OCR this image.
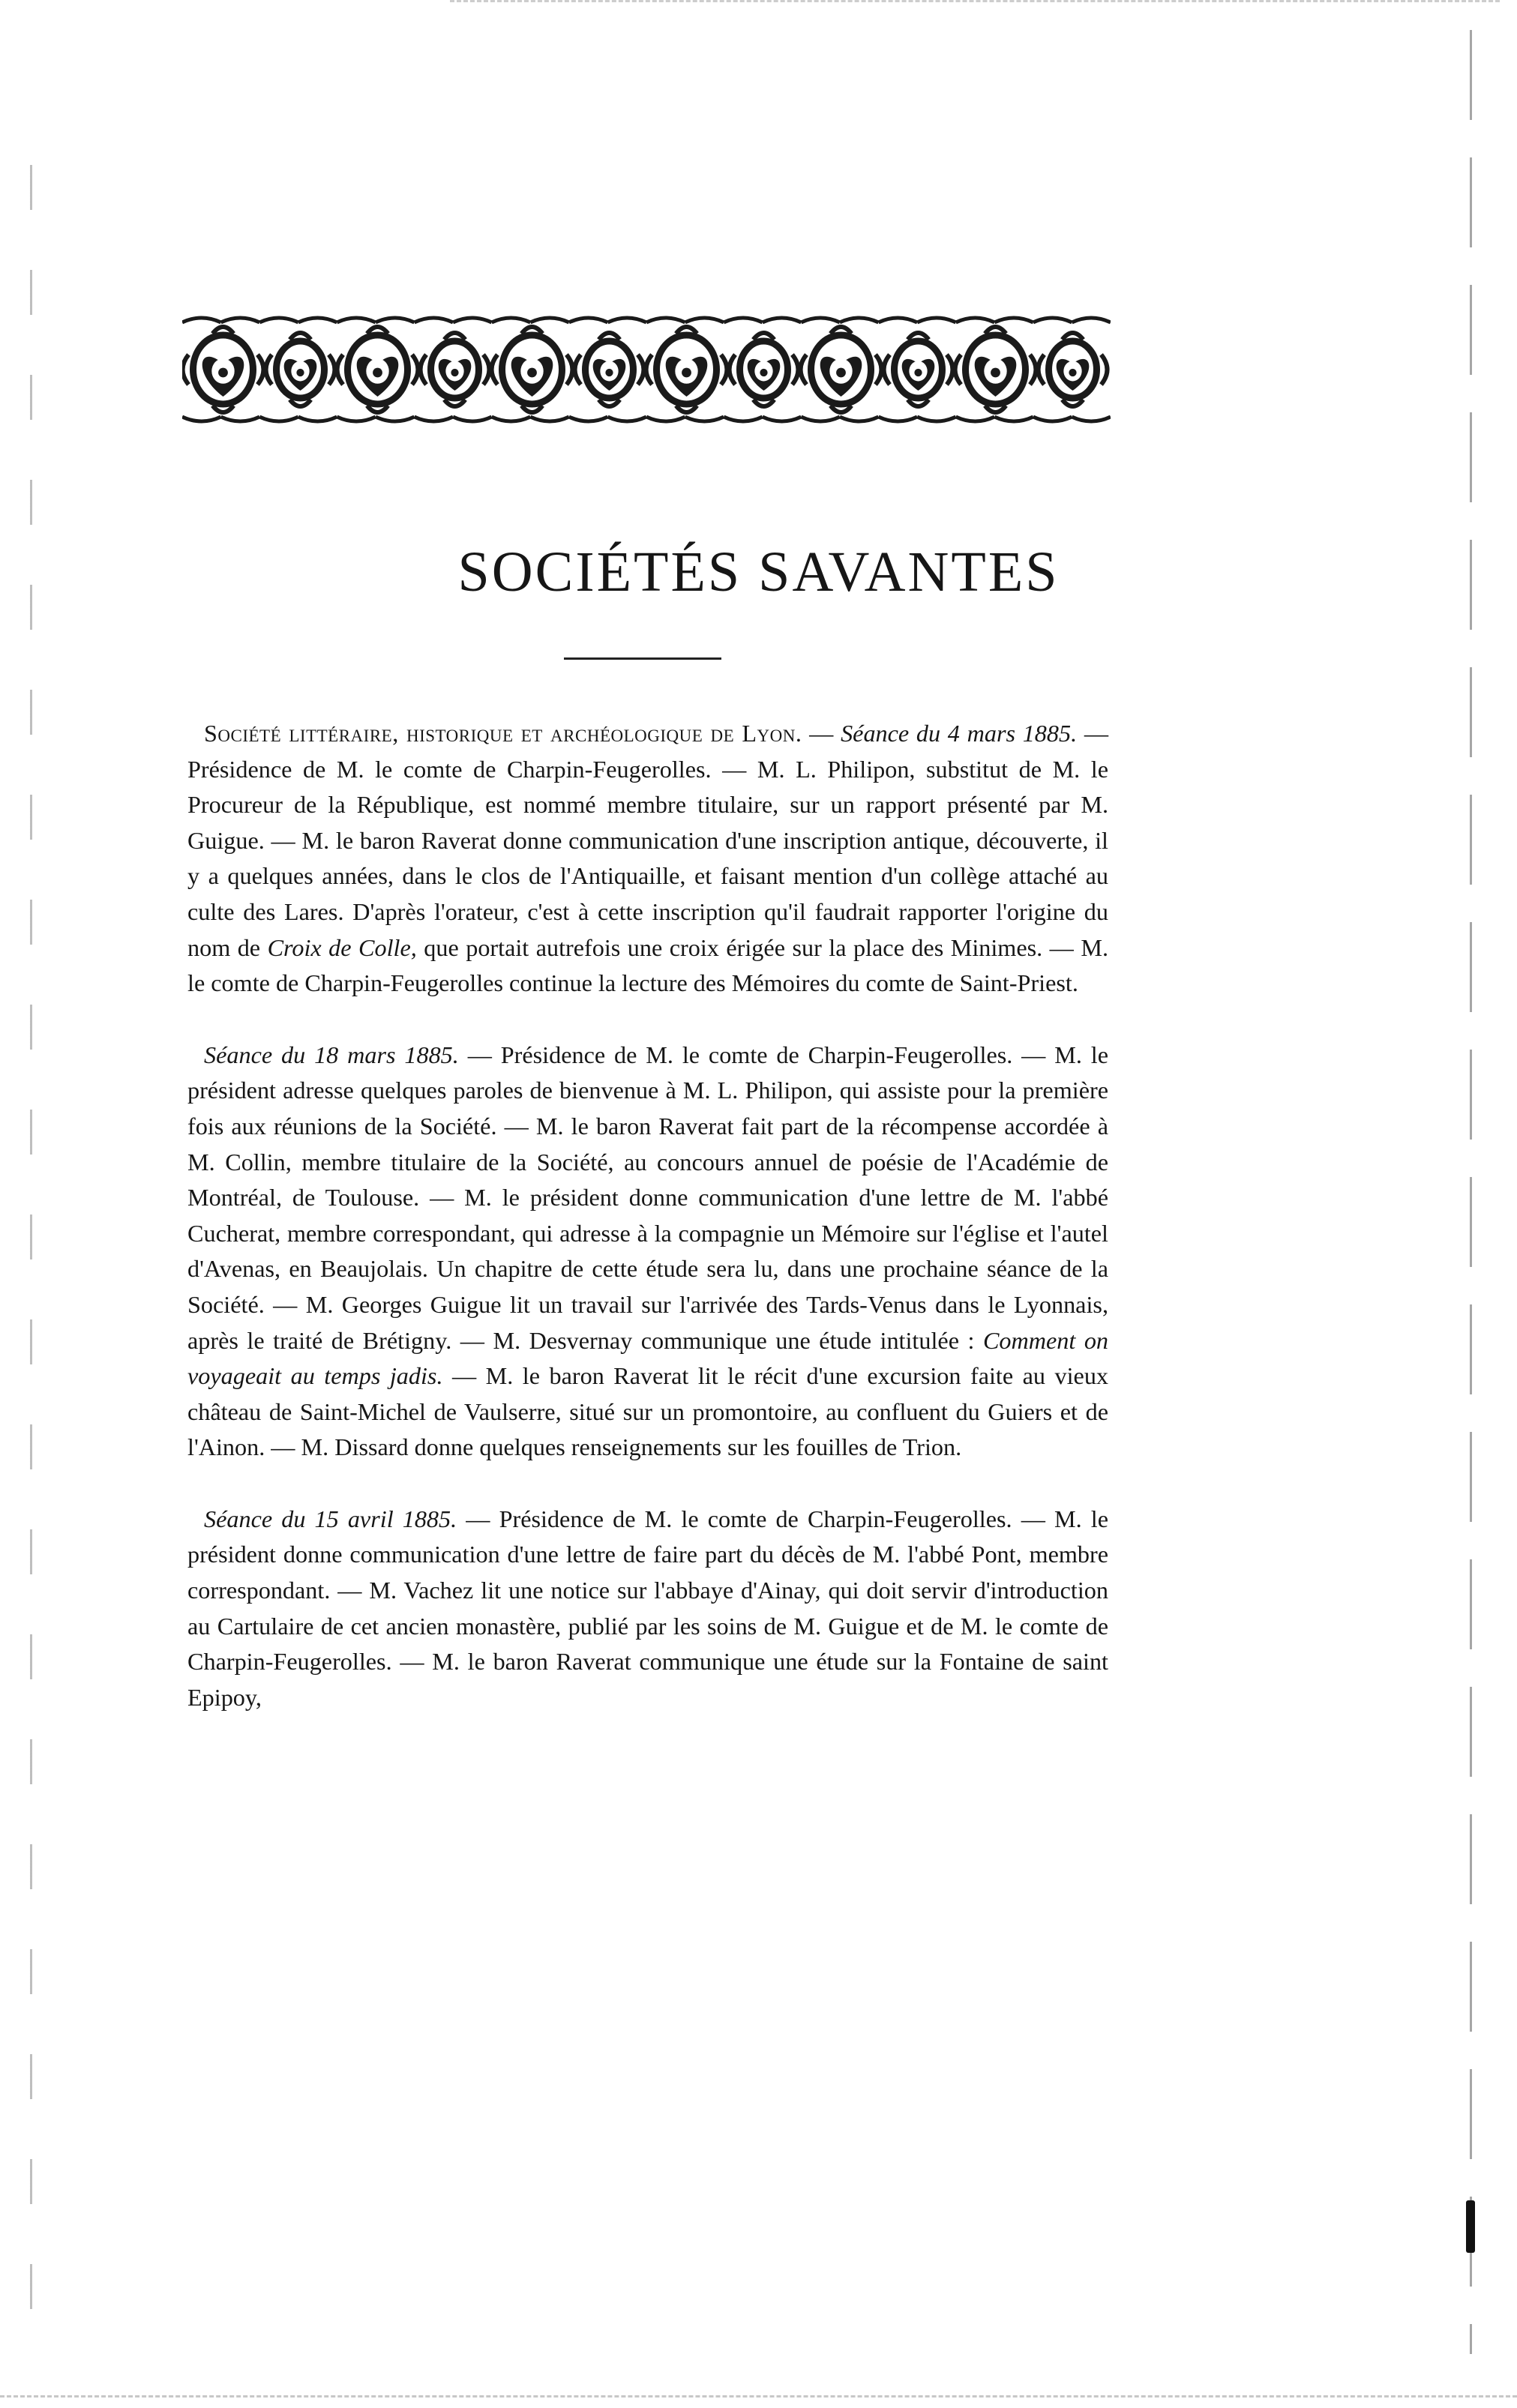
SOCIÉTÉS SAVANTES

Société littéraire, historique et archéologique de Lyon. — Séance du 4 mars 1885. — Présidence de M. le comte de Charpin-Feugerolles. — M. L. Philipon, substitut de M. le Procureur de la République, est nommé membre titulaire, sur un rapport présenté par M. Guigue. — M. le baron Raverat donne communication d'une inscription antique, découverte, il y a quelques années, dans le clos de l'Antiquaille, et faisant mention d'un collège attaché au culte des Lares. D'après l'orateur, c'est à cette inscription qu'il faudrait rapporter l'origine du nom de Croix de Colle, que portait autrefois une croix érigée sur la place des Minimes. — M. le comte de Charpin-Feugerolles continue la lecture des Mémoires du comte de Saint-Priest.

Séance du 18 mars 1885. — Présidence de M. le comte de Charpin-Feugerolles. — M. le président adresse quelques paroles de bienvenue à M. L. Philipon, qui assiste pour la première fois aux réunions de la Société. — M. le baron Raverat fait part de la récompense accordée à M. Collin, membre titulaire de la Société, au concours annuel de poésie de l'Académie de Montréal, de Toulouse. — M. le président donne communication d'une lettre de M. l'abbé Cucherat, membre correspondant, qui adresse à la compagnie un Mémoire sur l'église et l'autel d'Avenas, en Beaujolais. Un chapitre de cette étude sera lu, dans une prochaine séance de la Société. — M. Georges Guigue lit un travail sur l'arrivée des Tards-Venus dans le Lyonnais, après le traité de Brétigny. — M. Desvernay communique une étude intitulée : Comment on voyageait au temps jadis. — M. le baron Raverat lit le récit d'une excursion faite au vieux château de Saint-Michel de Vaulserre, situé sur un promontoire, au confluent du Guiers et de l'Ainon. — M. Dissard donne quelques renseignements sur les fouilles de Trion.

Séance du 15 avril 1885. — Présidence de M. le comte de Charpin-Feugerolles. — M. le président donne communication d'une lettre de faire part du décès de M. l'abbé Pont, membre correspondant. — M. Vachez lit une notice sur l'abbaye d'Ainay, qui doit servir d'introduction au Cartulaire de cet ancien monastère, publié par les soins de M. Guigue et de M. le comte de Charpin-Feugerolles. — M. le baron Raverat communique une étude sur la Fontaine de saint Epipoy,
